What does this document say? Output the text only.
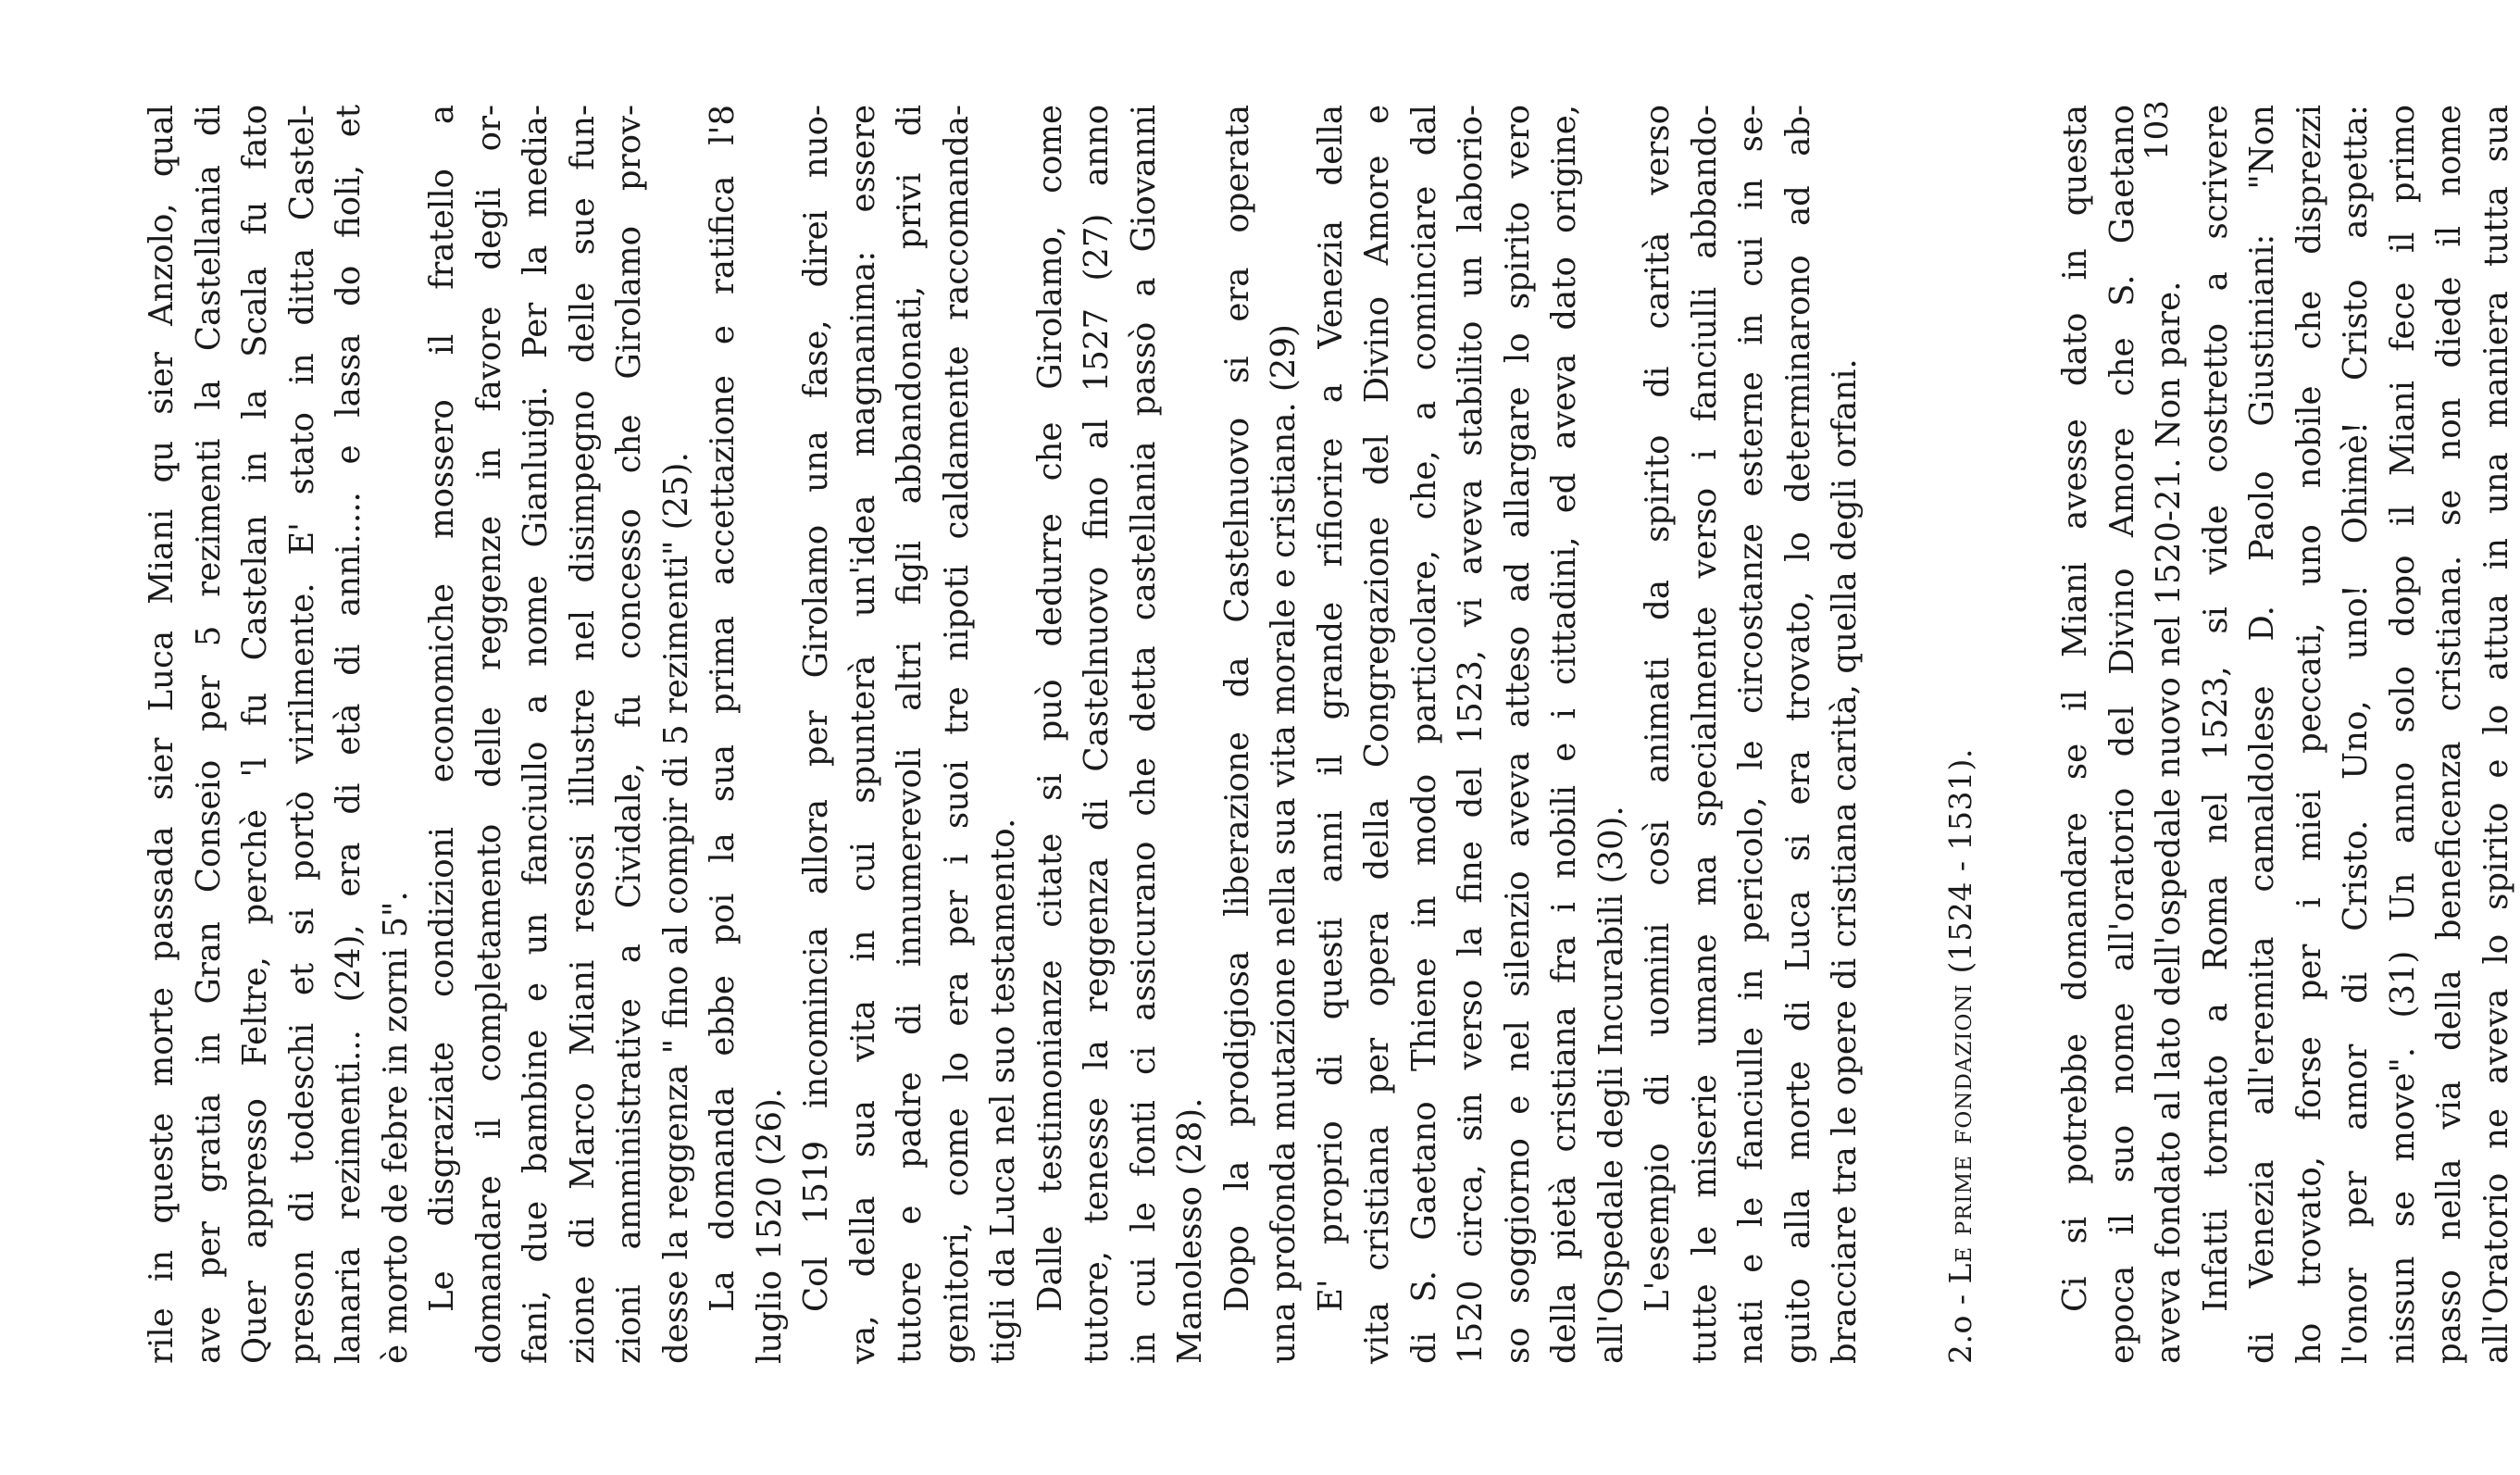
rile in queste morte passada sier Luca Miani qu sier Anzolo, qual ave per gratia in Gran Conseio per 5 rezimenti la Castellania di Quer appresso Feltre, perchè 'l fu Castelan in la Scala fu fato preson di todeschi et si portò virilmente. E' stato in ditta Castel- lanaria rezimenti... (24), era di età di anni..... e lassa do fioli, et è morto de febre in zorni 5". Le disgraziate condizioni economiche mossero il fratello a domandare il completamento delle reggenze in favore degli or- fani, due bambine e un fanciullo a nome Gianluigi. Per la media- zione di Marco Miani resosi illustre nel disimpegno delle sue fun- zioni amministrative a Cividale, fu concesso che Girolamo prov- desse la reggenza " fino al compir di 5 rezimenti" (25). La domanda ebbe poi la sua prima accettazione e ratifica l'8 luglio 1520 (26). Col 1519 incomincia allora per Girolamo una fase, direi nuo- va, della sua vita in cui spunterà un'idea magnanima: essere tutore e padre di innumerevoli altri figli abbandonati, privi di genitori, come lo era per i suoi tre nipoti caldamente raccomanda- tigli da Luca nel suo testamento. Dalle testimonianze citate si può dedurre che Girolamo, come tutore, tenesse la reggenza di Castelnuovo fino al 1527 (27) anno in cui le fonti ci assicurano che detta castellania passò a Giovanni Manolesso (28). Dopo la prodigiosa liberazione da Castelnuovo si era operata una profonda mutazione nella sua vita morale e cristiana. (29) E' proprio di questi anni il grande rifiorire a Venezia della vita cristiana per opera della Congregazione del Divino Amore e di S. Gaetano Thiene in modo particolare, che, a cominciare dal 1520 circa, sin verso la fine del 1523, vi aveva stabilito un laborio- so soggiorno e nel silenzio aveva atteso ad allargare lo spirito vero della pietà cristiana fra i nobili e i cittadini, ed aveva dato origine, all'Ospedale degli Incurabili (30). L'esempio di uomini così animati da spirito di carità verso tutte le miserie umane ma specialmente verso i fanciulli abbando- nati e le fanciulle in pericolo, le circostanze esterne in cui in se- guito alla morte di Luca si era trovato, lo determinarono ad ab- bracciare tra le opere di cristiana carità, quella degli orfani.	2.o - Le prime fondazioni (1524 - 1531). Ci si potrebbe domandare se il Miani avesse dato in questa epoca il suo nome all'oratorio del Divino Amore che S. Gaetano aveva fondato al lato dell'ospedale nuovo nel 1520-21. Non pare. Infatti tornato a Roma nel 1523, si vide costretto a scrivere di Venezia all'eremita camaldolese D. Paolo Giustiniani: "Non ho trovato, forse per i miei peccati, uno nobile che disprezzi l'onor per amor di Cristo. Uno, uno! Ohimè! Cristo aspetta: nissun se move". (31) Un anno solo dopo il Miani fece il primo passo nella via della beneficenza cristiana. se non diede il nome all'Oratorio ne aveva lo spirito e lo attua in una maniera tutta sua
103
